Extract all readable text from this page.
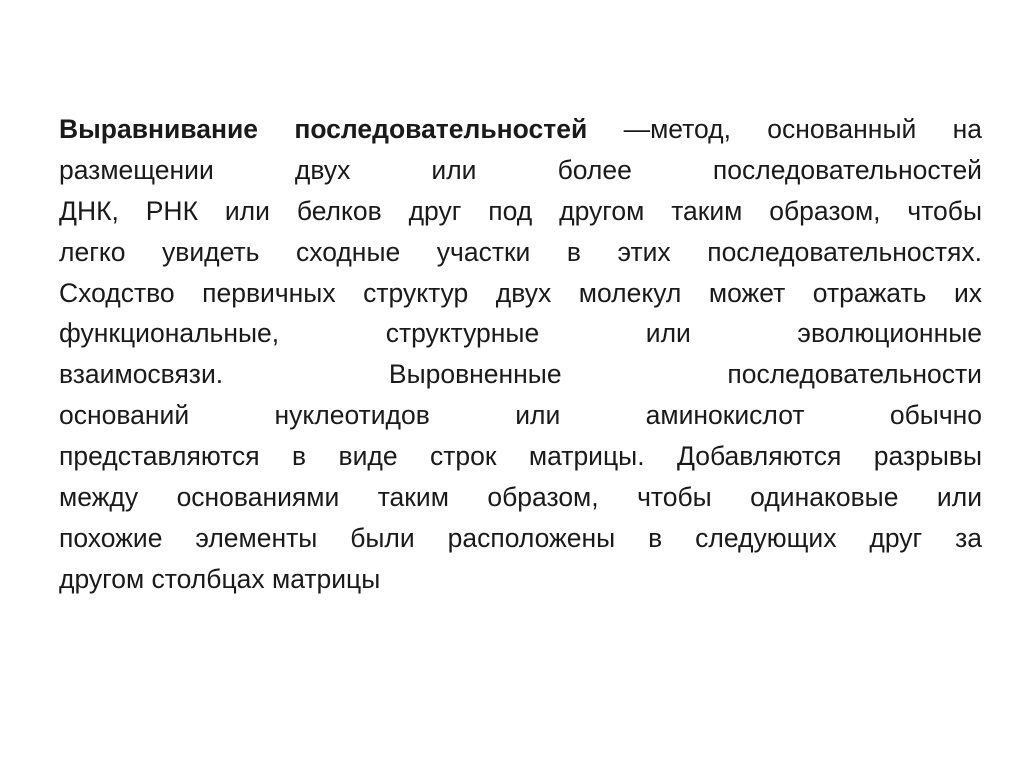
Выравнивание последовательностей —метод, основанный на
размещении двух или более последовательностей
ДНК, РНК или белков друг под другом таким образом, чтобы
легко увидеть сходные участки в этих последовательностях.
Сходство первичных структур двух молекул может отражать их
функциональные, структурные или эволюционные
взаимосвязи. Выровненные последовательности
оснований нуклеотидов или аминокислот обычно
представляются в виде строк матрицы. Добавляются разрывы
между основаниями таким образом, чтобы одинаковые или
похожие элементы были расположены в следующих друг за
другом столбцах матрицы
